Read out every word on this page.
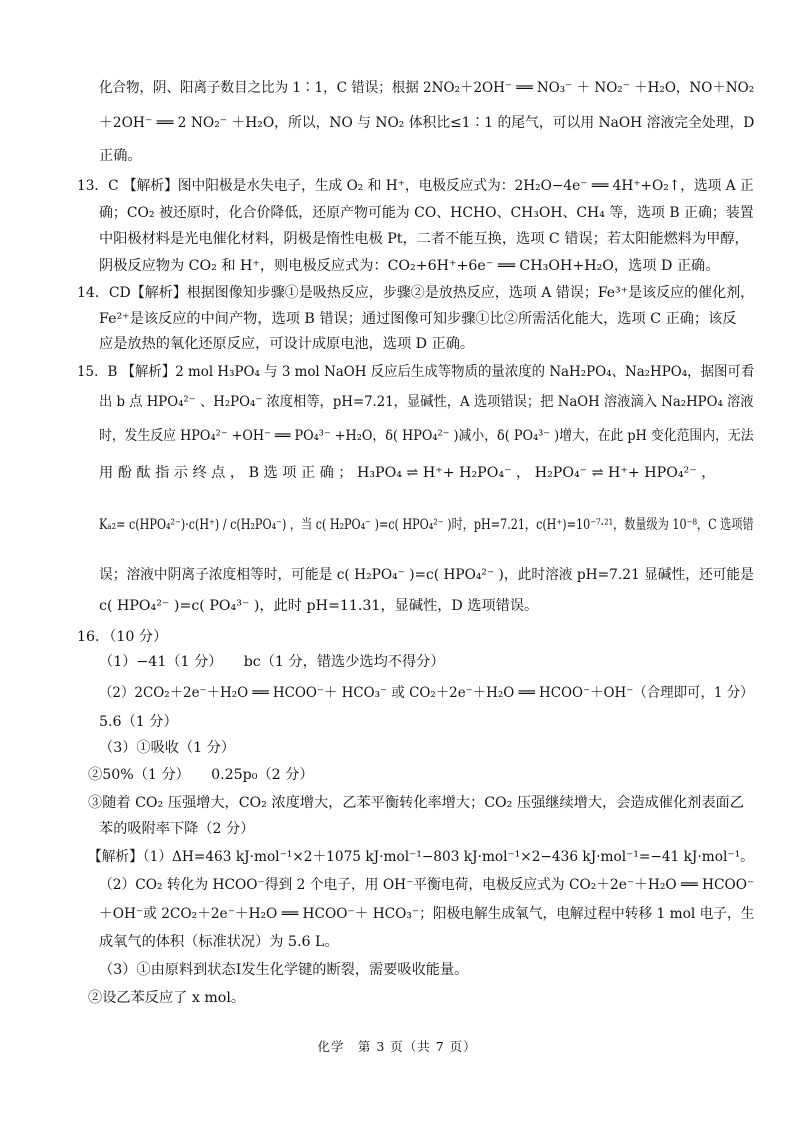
化合物，阴、阳离子数目之比为 1∶1，C 错误；根据 2NO₂＋2OH⁻ ══ NO₃⁻ ＋ NO₂⁻ ＋H₂O，NO＋NO₂
＋2OH⁻ ══ 2 NO₂⁻ ＋H₂O，所以，NO 与 NO₂ 体积比≤1∶1 的尾气，可以用 NaOH 溶液完全处理，D
正确。
13．C 【解析】图中阳极是水失电子，生成 O₂ 和 H⁺，电极反应式为：2H₂O−4e⁻ ══ 4H⁺+O₂↑，选项 A 正
确；CO₂ 被还原时，化合价降低，还原产物可能为 CO、HCHO、CH₃OH、CH₄ 等，选项 B 正确；装置
中阳极材料是光电催化材料，阴极是惰性电极 Pt，二者不能互换，选项 C 错误；若太阳能燃料为甲醇，
阴极反应物为 CO₂ 和 H⁺，则电极反应式为：CO₂+6H⁺+6e⁻ ══ CH₃OH+H₂O，选项 D 正确。
14．CD【解析】根据图像知步骤①是吸热反应，步骤②是放热反应，选项 A 错误；Fe³⁺是该反应的催化剂，
Fe²⁺是该反应的中间产物，选项 B 错误；通过图像可知步骤①比②所需活化能大，选项 C 正确；该反
应是放热的氧化还原反应，可设计成原电池，选项 D 正确。
15．B 【解析】2 mol H₃PO₄ 与 3 mol NaOH 反应后生成等物质的量浓度的 NaH₂PO₄、Na₂HPO₄，据图可看
出 b 点 HPO₄²⁻ 、H₂PO₄⁻ 浓度相等，pH=7.21，显碱性，A 选项错误；把 NaOH 溶液滴入 Na₂HPO₄ 溶液
时，发生反应 HPO₄²⁻ +OH⁻ ══ PO₄³⁻ +H₂O，δ( HPO₄²⁻ )减小，δ( PO₄³⁻ )增大，在此 pH 变化范围内，无法
用 酚 酞 指 示 终 点 ， B 选 项 正 确 ； H₃PO₄ ⇌ H⁺+ H₂PO₄⁻ ， H₂PO₄⁻ ⇌ H⁺+ HPO₄²⁻ ，
Kₐ₂= c(HPO₄²⁻)·c(H⁺) / c(H₂PO₄⁻) ，当 c( H₂PO₄⁻ )=c( HPO₄²⁻ )时，pH=7.21，c(H⁺)=10⁻⁷·²¹，数量级为 10⁻⁸，C 选项错
误；溶液中阴离子浓度相等时，可能是 c( H₂PO₄⁻ )=c( HPO₄²⁻ )，此时溶液 pH=7.21 显碱性，还可能是
c( HPO₄²⁻ )=c( PO₄³⁻ )，此时 pH=11.31，显碱性，D 选项错误。
16．（10 分）
（1）−41（1 分）　　bc（1 分，错选少选均不得分）
（2）2CO₂＋2e⁻＋H₂O ══ HCOO⁻＋ HCO₃⁻ 或 CO₂＋2e⁻＋H₂O ══ HCOO⁻＋OH⁻（合理即可，1 分）
5.6（1 分）
（3）①吸收（1 分）
②50%（1 分）　　0.25p₀（2 分）
③随着 CO₂ 压强增大，CO₂ 浓度增大，乙苯平衡转化率增大；CO₂ 压强继续增大，会造成催化剂表面乙
苯的吸附率下降（2 分）
【解析】（1）ΔH=463 kJ·mol⁻¹×2＋1075 kJ·mol⁻¹−803 kJ·mol⁻¹×2−436 kJ·mol⁻¹=−41 kJ·mol⁻¹。
（2）CO₂ 转化为 HCOO⁻得到 2 个电子，用 OH⁻平衡电荷，电极反应式为 CO₂＋2e⁻＋H₂O ══ HCOO⁻
＋OH⁻或 2CO₂＋2e⁻＋H₂O ══ HCOO⁻＋ HCO₃⁻；阳极电解生成氧气，电解过程中转移 1 mol 电子，生
成氧气的体积（标准状况）为 5.6 L。
（3）①由原料到状态Ⅰ发生化学键的断裂，需要吸收能量。
②设乙苯反应了 x mol。
化学　第 3 页（共 7 页）
